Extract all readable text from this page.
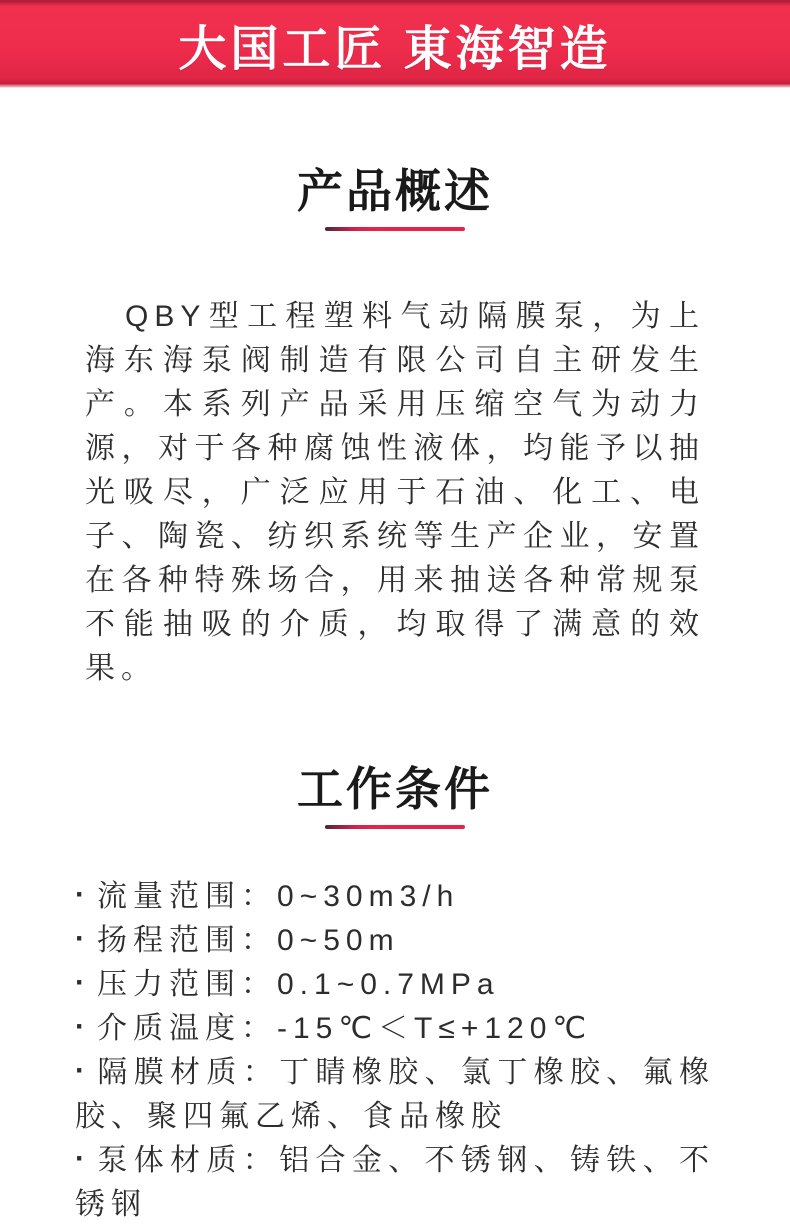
大国工匠 東海智造
产品概述

QBY型工程塑料气动隔膜泵，为上海东海泵阀制造有限公司自主研发生产。本系列产品采用压缩空气为动力源，对于各种腐蚀性液体，均能予以抽光吸尽，广泛应用于石油、化工、电子、陶瓷、纺织系统等生产企业，安置在各种特殊场合，用来抽送各种常规泵不能抽吸的介质，均取得了满意的效果。

工作条件
· 流量范围：0~30m3/h
· 扬程范围：0~50m
· 压力范围：0.1~0.7MPa
· 介质温度：-15℃＜T≤+120℃
· 隔膜材质：丁睛橡胶、氯丁橡胶、氟橡胶、聚四氟乙烯、食品橡胶
· 泵体材质：铝合金、不锈钢、铸铁、不锈钢
